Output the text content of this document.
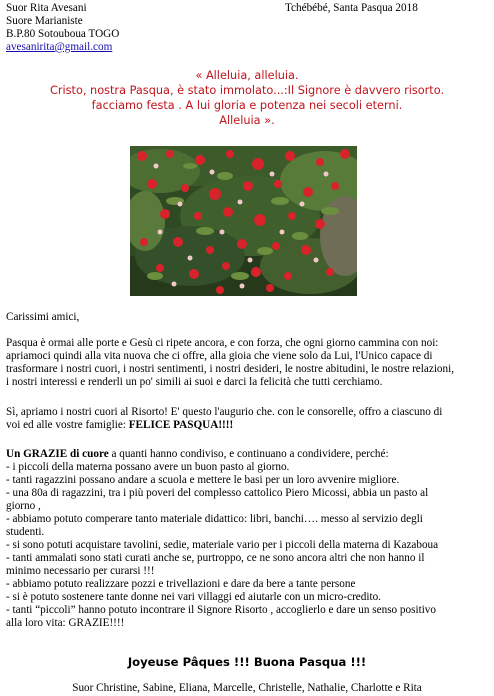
Suor Rita Avesani
Suore Marianiste
B.P.80 Sotouboua TOGO
avesanirita@gmail.com
Tchébébé, Santa Pasqua 2018
« Alleluia, alleluia.
Cristo, nostra Pasqua, è stato immolato...:Il Signore è davvero risorto.
facciamo festa . A lui gloria e potenza nei secoli eterni.
Alleluia ».
Carissimi amici,
Pasqua è ormai alle porte e Gesù ci ripete ancora, e con forza, che ogni giorno cammina con noi:
apriamoci quindi alla vita nuova che ci offre, alla gioia che viene solo da Lui, l'Unico capace di
trasformare i nostri cuori, i nostri sentimenti, i nostri desideri, le nostre abitudini, le nostre relazioni,
i nostri interessi e renderli un po' simili ai suoi e darci la felicità che tutti cerchiamo.
Sì, apriamo i nostri cuori al Risorto! E' questo l'augurio che. con le consorelle, offro a ciascuno di
voi ed alle vostre famiglie: FELICE PASQUA!!!!
Un GRAZIE di cuore a quanti hanno condiviso, e continuano a condividere, perché:
- i piccoli della materna possano avere un buon pasto al giorno.
- tanti ragazzini possano andare a scuola e mettere le basi per un loro avvenire migliore.
- una 80a di ragazzini, tra i più poveri del complesso cattolico Piero Micossi, abbia un pasto al
giorno ,
- abbiamo potuto comperare tanto materiale didattico: libri, banchi…. messo al servizio degli
studenti.
- si sono potuti acquistare tavolini, sedie, materiale vario per i piccoli della materna di Kazaboua
- tanti ammalati sono stati curati anche se, purtroppo, ce ne sono ancora altri che non hanno il
minimo necessario per curarsi !!!
- abbiamo potuto realizzare pozzi e trivellazioni e dare da bere a tante persone
- si è potuto sostenere tante donne nei vari villaggi ed aiutarle con un micro-credito.
- tanti “piccoli” hanno potuto incontrare il Signore Risorto , accoglierlo e dare un senso positivo
alla loro vita: GRAZIE!!!!
Joyeuse Pâques !!! Buona Pasqua !!!
Suor Christine, Sabine, Eliana, Marcelle, Christelle, Nathalie, Charlotte e Rita
